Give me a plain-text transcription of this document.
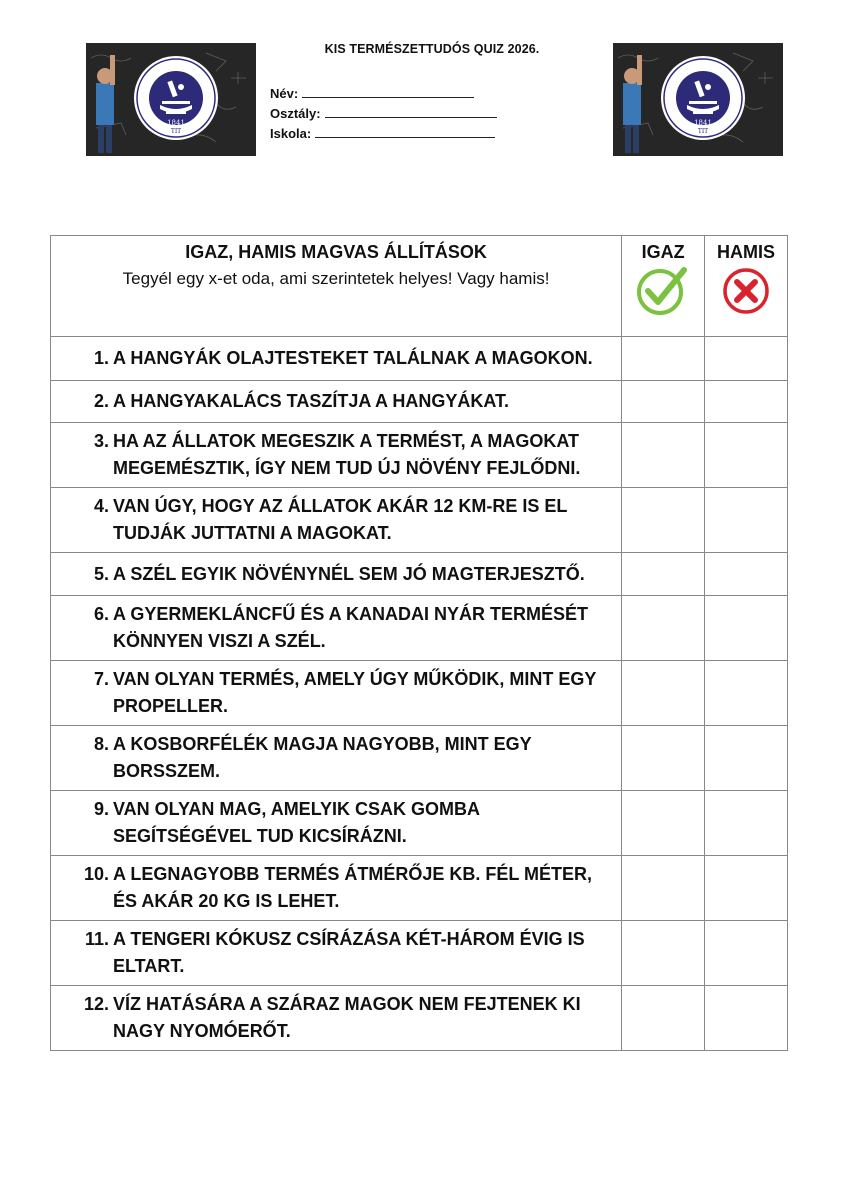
TIT
1841
KIS TERMÉSZETTUDÓS QUIZ 2026.
Név:
Osztály:
Iskola:	TIT
1841
IGAZ, HAMIS MAGVAS ÁLLÍTÁSOK
Tegyél egy x-et oda, ami szerintetek helyes! Vagy hamis!	IGAZ	HAMIS

1. A HANGYÁK OLAJTESTEKET TALÁLNAK A MAGOKON.		

2. A HANGYAKALÁCS TASZÍTJA A HANGYÁKAT.		

3. HA AZ ÁLLATOK MEGESZIK A TERMÉST, A MAGOKAT MEGEMÉSZTIK, ÍGY NEM TUD ÚJ NÖVÉNY FEJLŐDNI.		

4. VAN ÚGY, HOGY AZ ÁLLATOK AKÁR 12 KM-RE IS EL TUDJÁK JUTTATNI A MAGOKAT.		

5. A SZÉL EGYIK NÖVÉNYNÉL SEM JÓ MAGTERJESZTŐ.		

6. A GYERMEKLÁNCFŰ ÉS A KANADAI NYÁR TERMÉSÉT KÖNNYEN VISZI A SZÉL.		

7. VAN OLYAN TERMÉS, AMELY ÚGY MŰKÖDIK, MINT EGY PROPELLER.		

8. A KOSBORFÉLÉK MAGJA NAGYOBB, MINT EGY BORSSZEM.		

9. VAN OLYAN MAG, AMELYIK CSAK GOMBA SEGÍTSÉGÉVEL TUD KICSÍRÁZNI.		

10. A LEGNAGYOBB TERMÉS ÁTMÉRŐJE KB. FÉL MÉTER, ÉS AKÁR 20 KG IS LEHET.		

11. A TENGERI KÓKUSZ CSÍRÁZÁSA KÉT-HÁROM ÉVIG IS ELTART.		

12. VÍZ HATÁSÁRA A SZÁRAZ MAGOK NEM FEJTENEK KI NAGY NYOMÓERŐT.		
